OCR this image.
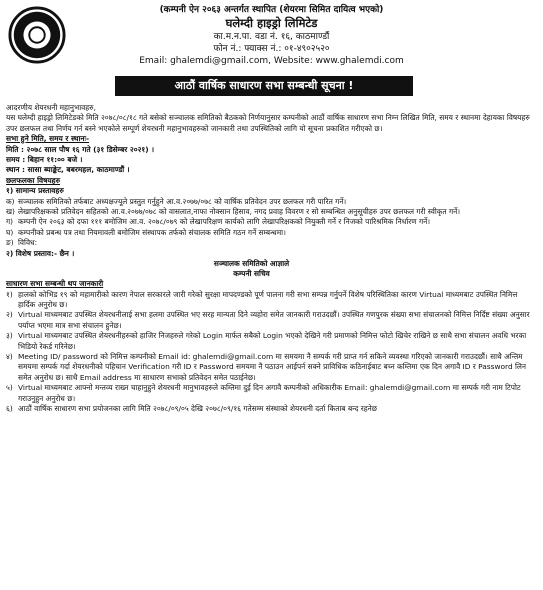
(कम्पनी ऐन २०६३ अन्तर्गत स्थापित (शेयरमा सिमित दायित्व भएको)
घलेम्दी हाइड्रो लिमिटेड
का.म.न.पा. वडा नं. १६, काठमाण्डौं
फोन नं.: फ्याक्स नं.: ०१-४९०२५२०
Email: ghalemdi@gmail.com, Website: www.ghalemdi.com
आठौं वार्षिक साधारण सभा सम्बन्धी सूचना !

आदरणीय शेयरधनी महानुभावहरु,

यस घलेम्दी हाइड्रो लिमिटेडको मिति २०७८/०८/१८ गते बसेको सञ्चालक समितिको बैठकको निर्णयानुसार कम्पनीको आठौं वार्षिक साधारण सभा निम्न लिखित मिति, समय र स्थानमा देहायका विषयहरु उपर छलफल तथा निर्णय गर्न बस्ने भएकोले सम्पूर्ण शेयरधनी महानुभावहरुको जानकारी तथा उपस्थितिको लागि यो सूचना प्रकाशित गरीएको छ।

सभा हुने मिति, समय र स्थानः-

मिति : २०७८ साल पौष १६ गते (३१ डिसेम्बर २०२१) ।

समय : बिहान ११:०० बजे ।

स्थान : सासा ब्याङ्केट, बबरमहल, काठमाण्डौं ।

छलफलका विषयहरु

१) सामान्य प्रस्तावहरु

क) सञ्चालक समितिको तर्फबाट अध्यक्षज्यूले प्रस्तुत गर्नुहुने आ.व.२०७७/०७८ को वार्षिक प्रतिवेदन उपर छलफल गरी पारित गर्ने।
ख) लेखापरिक्षकको प्रतिवेदन सहितको आ.व.२०७७/०७८ को वासलात,नाफा नोक्सान हिसाव, नगद प्रवाह विवरण र सो सम्बन्धित अनुसूचीहरु उपर छलफल गरी स्वीकृत गर्ने।
ग) कम्पनी ऐन २०६३ को दफा १११ बमोजिम आ.व. २०७८/०७९ को लेखापरिक्षण कार्यको लागि लेखापरिक्षकको नियुक्ती गर्ने र निजको पारिश्रमिक निर्धारण गर्ने।
घ) कम्पनीको प्रबन्ध पत्र तथा नियमावली बमोजिम संस्थापक तर्फको संचालक समिति गठन गर्ने सम्बन्धमा।
ङ) विविध:

२) विशेष प्रस्ताव:- छैन ।

सञ्चालक समितिको आज्ञाले
कम्पनी सचिव

साधारण सभा सम्बन्धी थप जानकारी

१) हालको कोभिड १९ को महामारीको कारण नेपाल सरकारले जारी गरेको सुरक्षा मापदण्डको पूर्ण पालना गरी सभा सम्पन्न गर्नुपर्ने विशेष परिस्थितिका कारण Virtual माध्यमबाट उपस्थित निमित्त हार्दिक अनुरोध छ।
२) Virtual माध्यमबाट उपस्थित शेयरधनीलाई सभा हलमा उपस्थित भए सरह मान्यता दिने व्यहोरा समेत जानकारी गराउदछौं। उपस्थित गणपुरक संख्या सभा संचालनको निमित्त निर्दिष्ट संख्या अनुसार पर्याप्त भएमा मात्र सभा संचालन हुनेछ।
३) Virtual माध्यमबाट उपस्थित शेयरधनीहरुको हाजिर निजहरुले गरेको Login मार्फत सबैको Login भएको देखिने गरी प्रमाणको निमित्त फोटो खिचेर राखिने छ साथै सभा संचालन अवधि भरका भिडियो रेकर्ड गरिनेछ।
४) Meeting ID/ password को निमित्त कम्पनीको Email id: ghalemdi@gmail.com मा समयमा नै सम्पर्क गरी प्राप्त गर्न सकिने व्यवस्था गरिएको जानकारी गराउदछौं। साथै अन्तिम समयमा सम्पर्क गर्दा शेयरधनीको पहिचान Verification गरी ID र Password समयमा नै पठाउन आईपर्न सक्ने प्राविधिक कठिनाईबाट बच्न कम्तिमा एक दिन अगावै ID र Password लिन समेत अनुरोध छ। साथै Email address मा साधारण सभाको प्रतिवेदन समेत पठाईनेछ।
५) Virtual माध्यमबाट आफ्नो मन्तव्य राख्न चाहानुहुने शेयरधनी मानुभावहरुले कम्तिमा दुई दिन अगावै कम्पनीको अधिकारीक Email: ghalemdi@gmail.com मा सम्पर्क गरी नाम टिपोट गराउनुहुन अनुरोध छ।
६) आठौं वार्षिक साधारण सभा प्रयोजनका लागि मिति २०७८/०९/०५ देखि २०७८/०९/१६ गतेसम्म संस्थाको शेयरधनी दर्ता किताब बन्द रहनेछ
